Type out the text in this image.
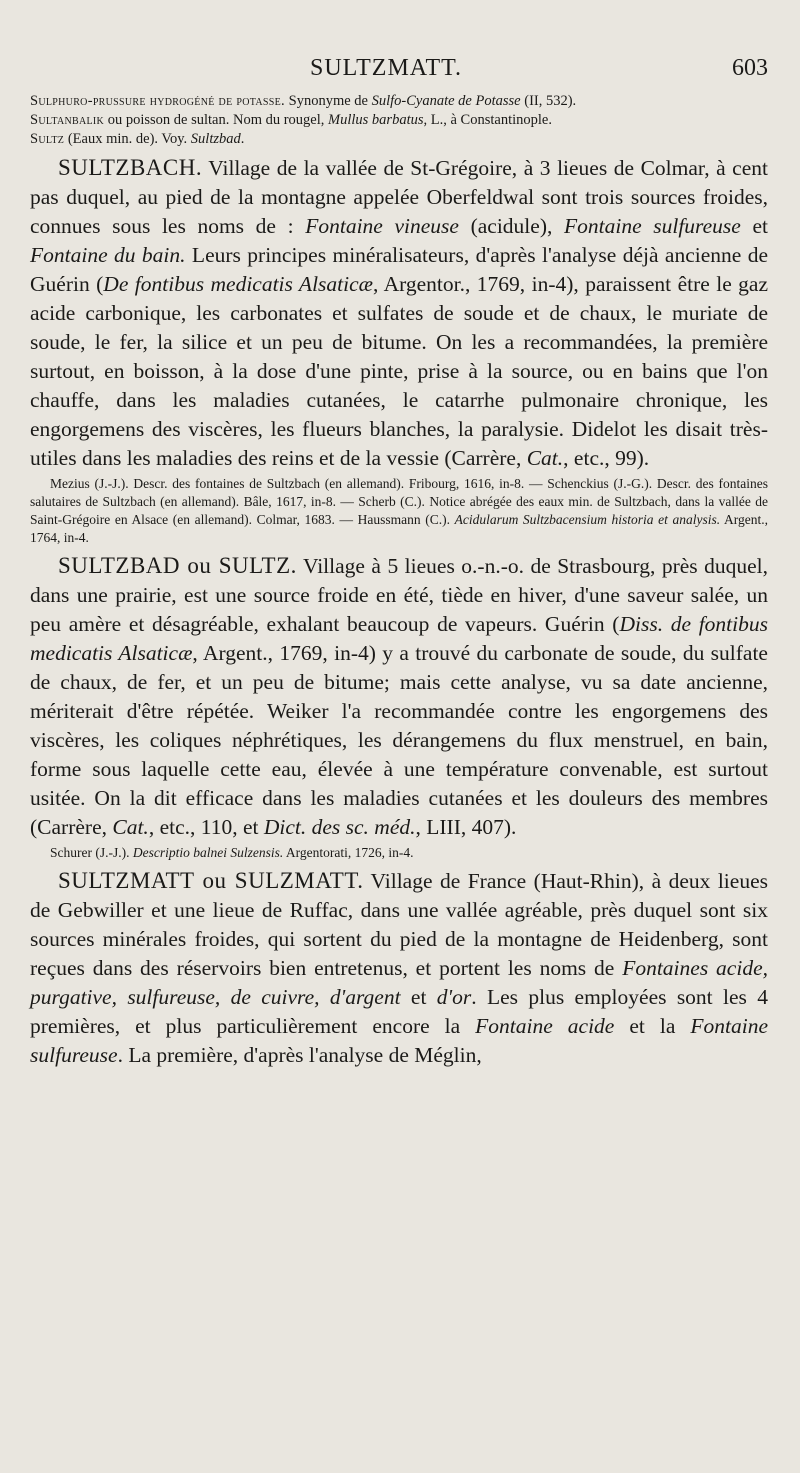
SULTZMATT.	603

Sulphuro-prussure hydrogéné de potasse. Synonyme de Sulfo-Cyanate de Potasse (II, 532).

Sultanbalik ou poisson de sultan. Nom du rougel, Mullus barbatus, L., à Constantinople.

Sultz (Eaux min. de). Voy. Sultzbad.

SULTZBACH. Village de la vallée de St-Grégoire, à 3 lieues de Colmar, à cent pas duquel, au pied de la montagne appelée Oberfeldwal sont trois sources froides, connues sous les noms de : Fontaine vineuse (acidule), Fontaine sulfureuse et Fontaine du bain. Leurs principes minéralisateurs, d'après l'analyse déjà ancienne de Guérin (De fontibus medicatis Alsaticæ, Argentor., 1769, in-4), paraissent être le gaz acide carbonique, les carbonates et sulfates de soude et de chaux, le muriate de soude, le fer, la silice et un peu de bitume. On les a recommandées, la première surtout, en boisson, à la dose d'une pinte, prise à la source, ou en bains que l'on chauffe, dans les maladies cutanées, le catarrhe pulmonaire chronique, les engorgemens des viscères, les flueurs blanches, la paralysie. Didelot les disait très-utiles dans les maladies des reins et de la vessie (Carrère, Cat., etc., 99).

Mezius (J.-J.). Descr. des fontaines de Sultzbach (en allemand). Fribourg, 1616, in-8. — Schenckius (J.-G.). Descr. des fontaines salutaires de Sultzbach (en allemand). Bâle, 1617, in-8. — Scherb (C.). Notice abrégée des eaux min. de Sultzbach, dans la vallée de Saint-Grégoire en Alsace (en allemand). Colmar, 1683. — Haussmann (C.). Acidularum Sultzbacensium historia et analysis. Argent., 1764, in-4.

SULTZBAD ou SULTZ. Village à 5 lieues o.-n.-o. de Strasbourg, près duquel, dans une prairie, est une source froide en été, tiède en hiver, d'une saveur salée, un peu amère et désagréable, exhalant beaucoup de vapeurs. Guérin (Diss. de fontibus medicatis Alsaticæ, Argent., 1769, in-4) y a trouvé du carbonate de soude, du sulfate de chaux, de fer, et un peu de bitume; mais cette analyse, vu sa date ancienne, mériterait d'être répétée. Weiker l'a recommandée contre les engorgemens des viscères, les coliques néphrétiques, les dérangemens du flux menstruel, en bain, forme sous laquelle cette eau, élevée à une température convenable, est surtout usitée. On la dit efficace dans les maladies cutanées et les douleurs des membres (Carrère, Cat., etc., 110, et Dict. des sc. méd., LIII, 407).

Schurer (J.-J.). Descriptio balnei Sulzensis. Argentorati, 1726, in-4.

SULTZMATT ou SULZMATT. Village de France (Haut-Rhin), à deux lieues de Gebwiller et une lieue de Ruffac, dans une vallée agréable, près duquel sont six sources minérales froides, qui sortent du pied de la montagne de Heidenberg, sont reçues dans des réservoirs bien entretenus, et portent les noms de Fontaines acide, purgative, sulfureuse, de cuivre, d'argent et d'or. Les plus employées sont les 4 premières, et plus particulièrement encore la Fontaine acide et la Fontaine sulfureuse. La première, d'après l'analyse de Méglin,
